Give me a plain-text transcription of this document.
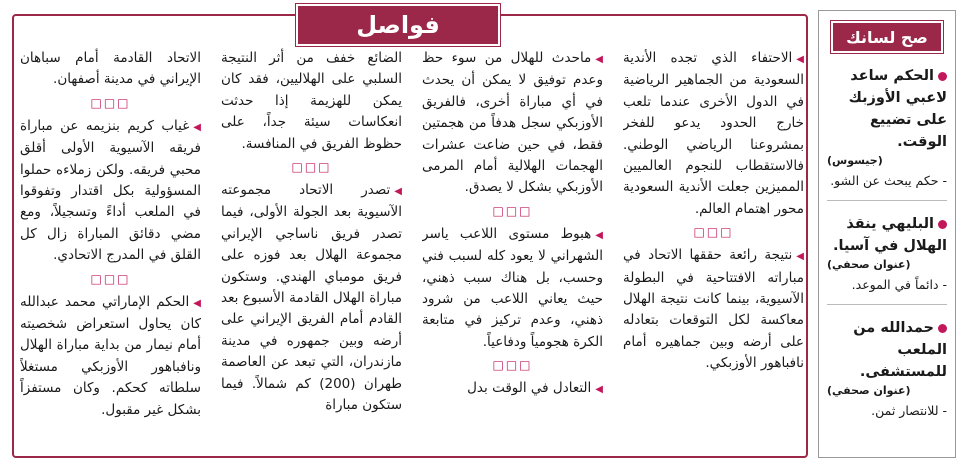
فواصل

◀الاحتفاء الذي تجده الأندية السعودية من الجماهير الرياضية في الدول الأخرى عندما تلعب خارج الحدود يدعو للفخر بمشروعنا الرياضي الوطني. فالاستقطاب للنجوم العالميين المميزين جعلت الأندية السعودية محور اهتمام العالم.

□□□

◀نتيجة رائعة حققها الاتحاد في مباراته الافتتاحية في البطولة الآسيوية، بينما كانت نتيجة الهلال معاكسة لكل التوقعات بتعادله على أرضه وبين جماهيره أمام نافباهور الأوزبكي.

◀ماحدث للهلال من سوء حظ وعدم توفيق لا يمكن أن يحدث في أي مباراة أخرى، فالفريق الأوزبكي سجل هدفاً من هجمتين فقط، في حين ضاعت عشرات الهجمات الهلالية أمام المرمى الأوزبكي بشكل لا يصدق.

□□□

◀هبوط مستوى اللاعب ياسر الشهراني لا يعود كله لسبب فني وحسب، بل هناك سبب ذهني، حيث يعاني اللاعب من شرود ذهني، وعدم تركيز في متابعة الكرة هجومياً ودفاعياً.

□□□

◀التعادل في الوقت بدل

الضائع خفف من أثر النتيجة السلبي على الهلاليين، فقد كان يمكن للهزيمة إذا حدثت انعكاسات سيئة جداً، على حظوظ الفريق في المنافسة.

□□□

◀تصدر الاتحاد مجموعته الآسيوية بعد الجولة الأولى، فيما تصدر فريق ناساجي الإيراني مجموعة الهلال بعد فوزه على فريق مومباي الهندي. وستكون مباراة الهلال القادمة الأسبوع بعد القادم أمام الفريق الإيراني على أرضه وبين جمهوره في مدينة مازندران، التي تبعد عن العاصمة طهران (200) كم شمالاً. فيما ستكون مباراة

الاتحاد القادمة أمام سباهان الإيراني في مدينة أصفهان.

□□□

◀غياب كريم بنزيمه عن مباراة فريقه الآسيوية الأولى أقلق محبي فريقه. ولكن زملاءه حملوا المسؤولية بكل اقتدار وتفوقوا في الملعب أداءً وتسجيلاً، ومع مضي دقائق المباراة زال كل القلق في المدرج الاتحادي.

□□□

◀الحكم الإماراتي محمد عبدالله كان يحاول استعراض شخصيته أمام نيمار من بداية مباراة الهلال ونافباهور الأوزبكي مستغلاً سلطاته كحكم. وكان مستفزاً بشكل غير مقبول.

صح لسانك

الحكم ساعد لاعبي الأوزبك على تضييع الوقت.

(جيسوس)

- حكم يبحث عن الشو.

البليهي ينقذ الهلال في آسيا.

(عنوان صحفي)

- دائماً في الموعد.

حمدالله من الملعب للمستشفى.

(عنوان صحفي)

- للانتصار ثمن.
